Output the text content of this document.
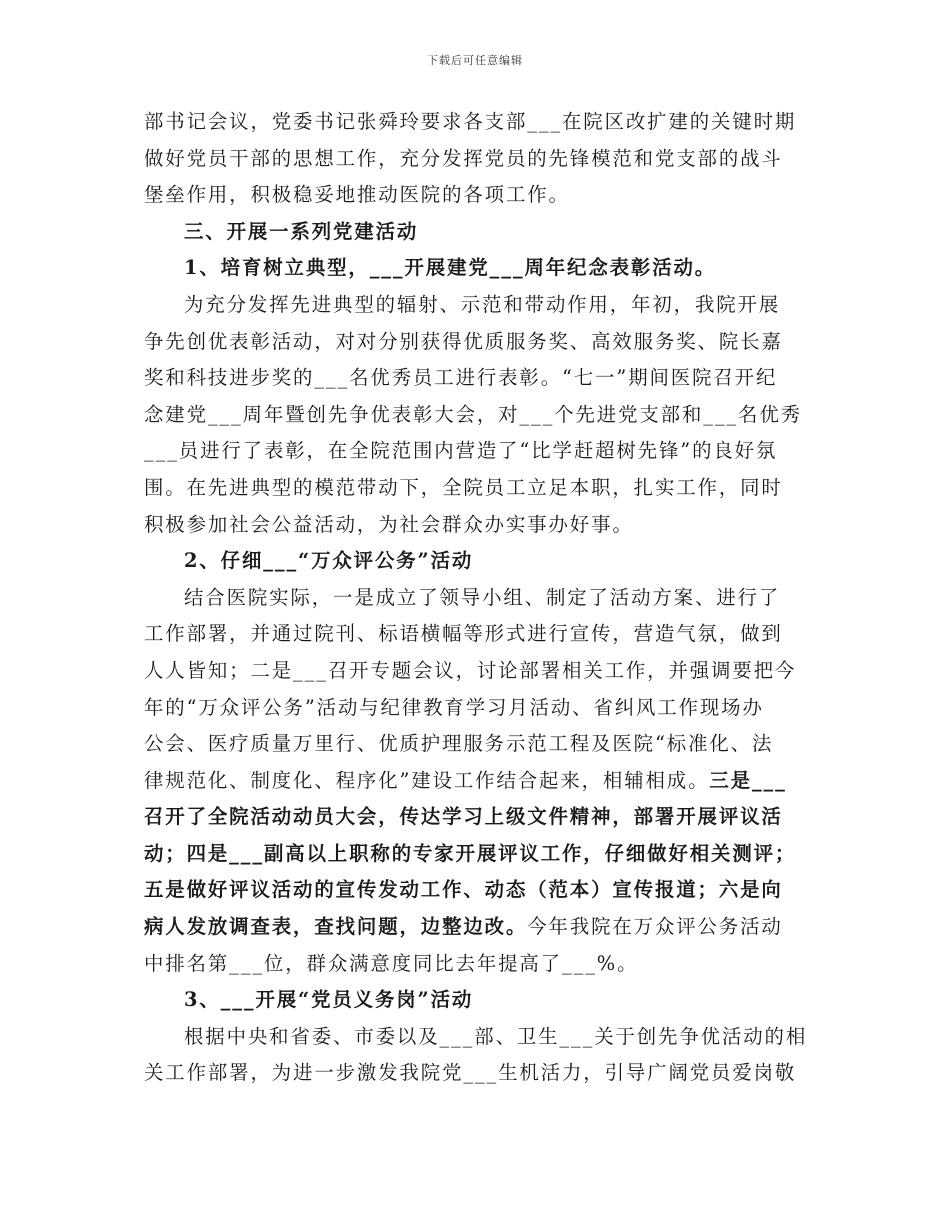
下载后可任意编辑
部书记会议，党委书记张舜玲要求各支部___在院区改扩建的关键时期
做好党员干部的思想工作，充分发挥党员的先锋模范和党支部的战斗
堡垒作用，积极稳妥地推动医院的各项工作。
三、开展一系列党建活动
1、培育树立典型，___开展建党___周年纪念表彰活动。
为充分发挥先进典型的辐射、示范和带动作用，年初，我院开展
争先创优表彰活动，对对分别获得优质服务奖、高效服务奖、院长嘉
奖和科技进步奖的___名优秀员工进行表彰。“七一”期间医院召开纪
念建党___周年暨创先争优表彰大会，对___个先进党支部和___名优秀
___员进行了表彰，在全院范围内营造了“比学赶超树先锋”的良好氛
围。在先进典型的模范带动下，全院员工立足本职，扎实工作，同时
积极参加社会公益活动，为社会群众办实事办好事。
2、仔细___“万众评公务”活动
结合医院实际，一是成立了领导小组、制定了活动方案、进行了
工作部署，并通过院刊、标语横幅等形式进行宣传，营造气氛，做到
人人皆知；二是___召开专题会议，讨论部署相关工作，并强调要把今
年的“万众评公务”活动与纪律教育学习月活动、省纠风工作现场办
公会、医疗质量万里行、优质护理服务示范工程及医院“标准化、法
律规范化、制度化、程序化”建设工作结合起来，相辅相成。三是___
召开了全院活动动员大会，传达学习上级文件精神，部署开展评议活
动；四是___副高以上职称的专家开展评议工作，仔细做好相关测评；
五是做好评议活动的宣传发动工作、动态（范本）宣传报道；六是向
病人发放调查表，查找问题，边整边改。今年我院在万众评公务活动
中排名第___位，群众满意度同比去年提高了___%。
3、___开展“党员义务岗”活动
根据中央和省委、市委以及___部、卫生___关于创先争优活动的相
关工作部署，为进一步激发我院党___生机活力，引导广阔党员爱岗敬
